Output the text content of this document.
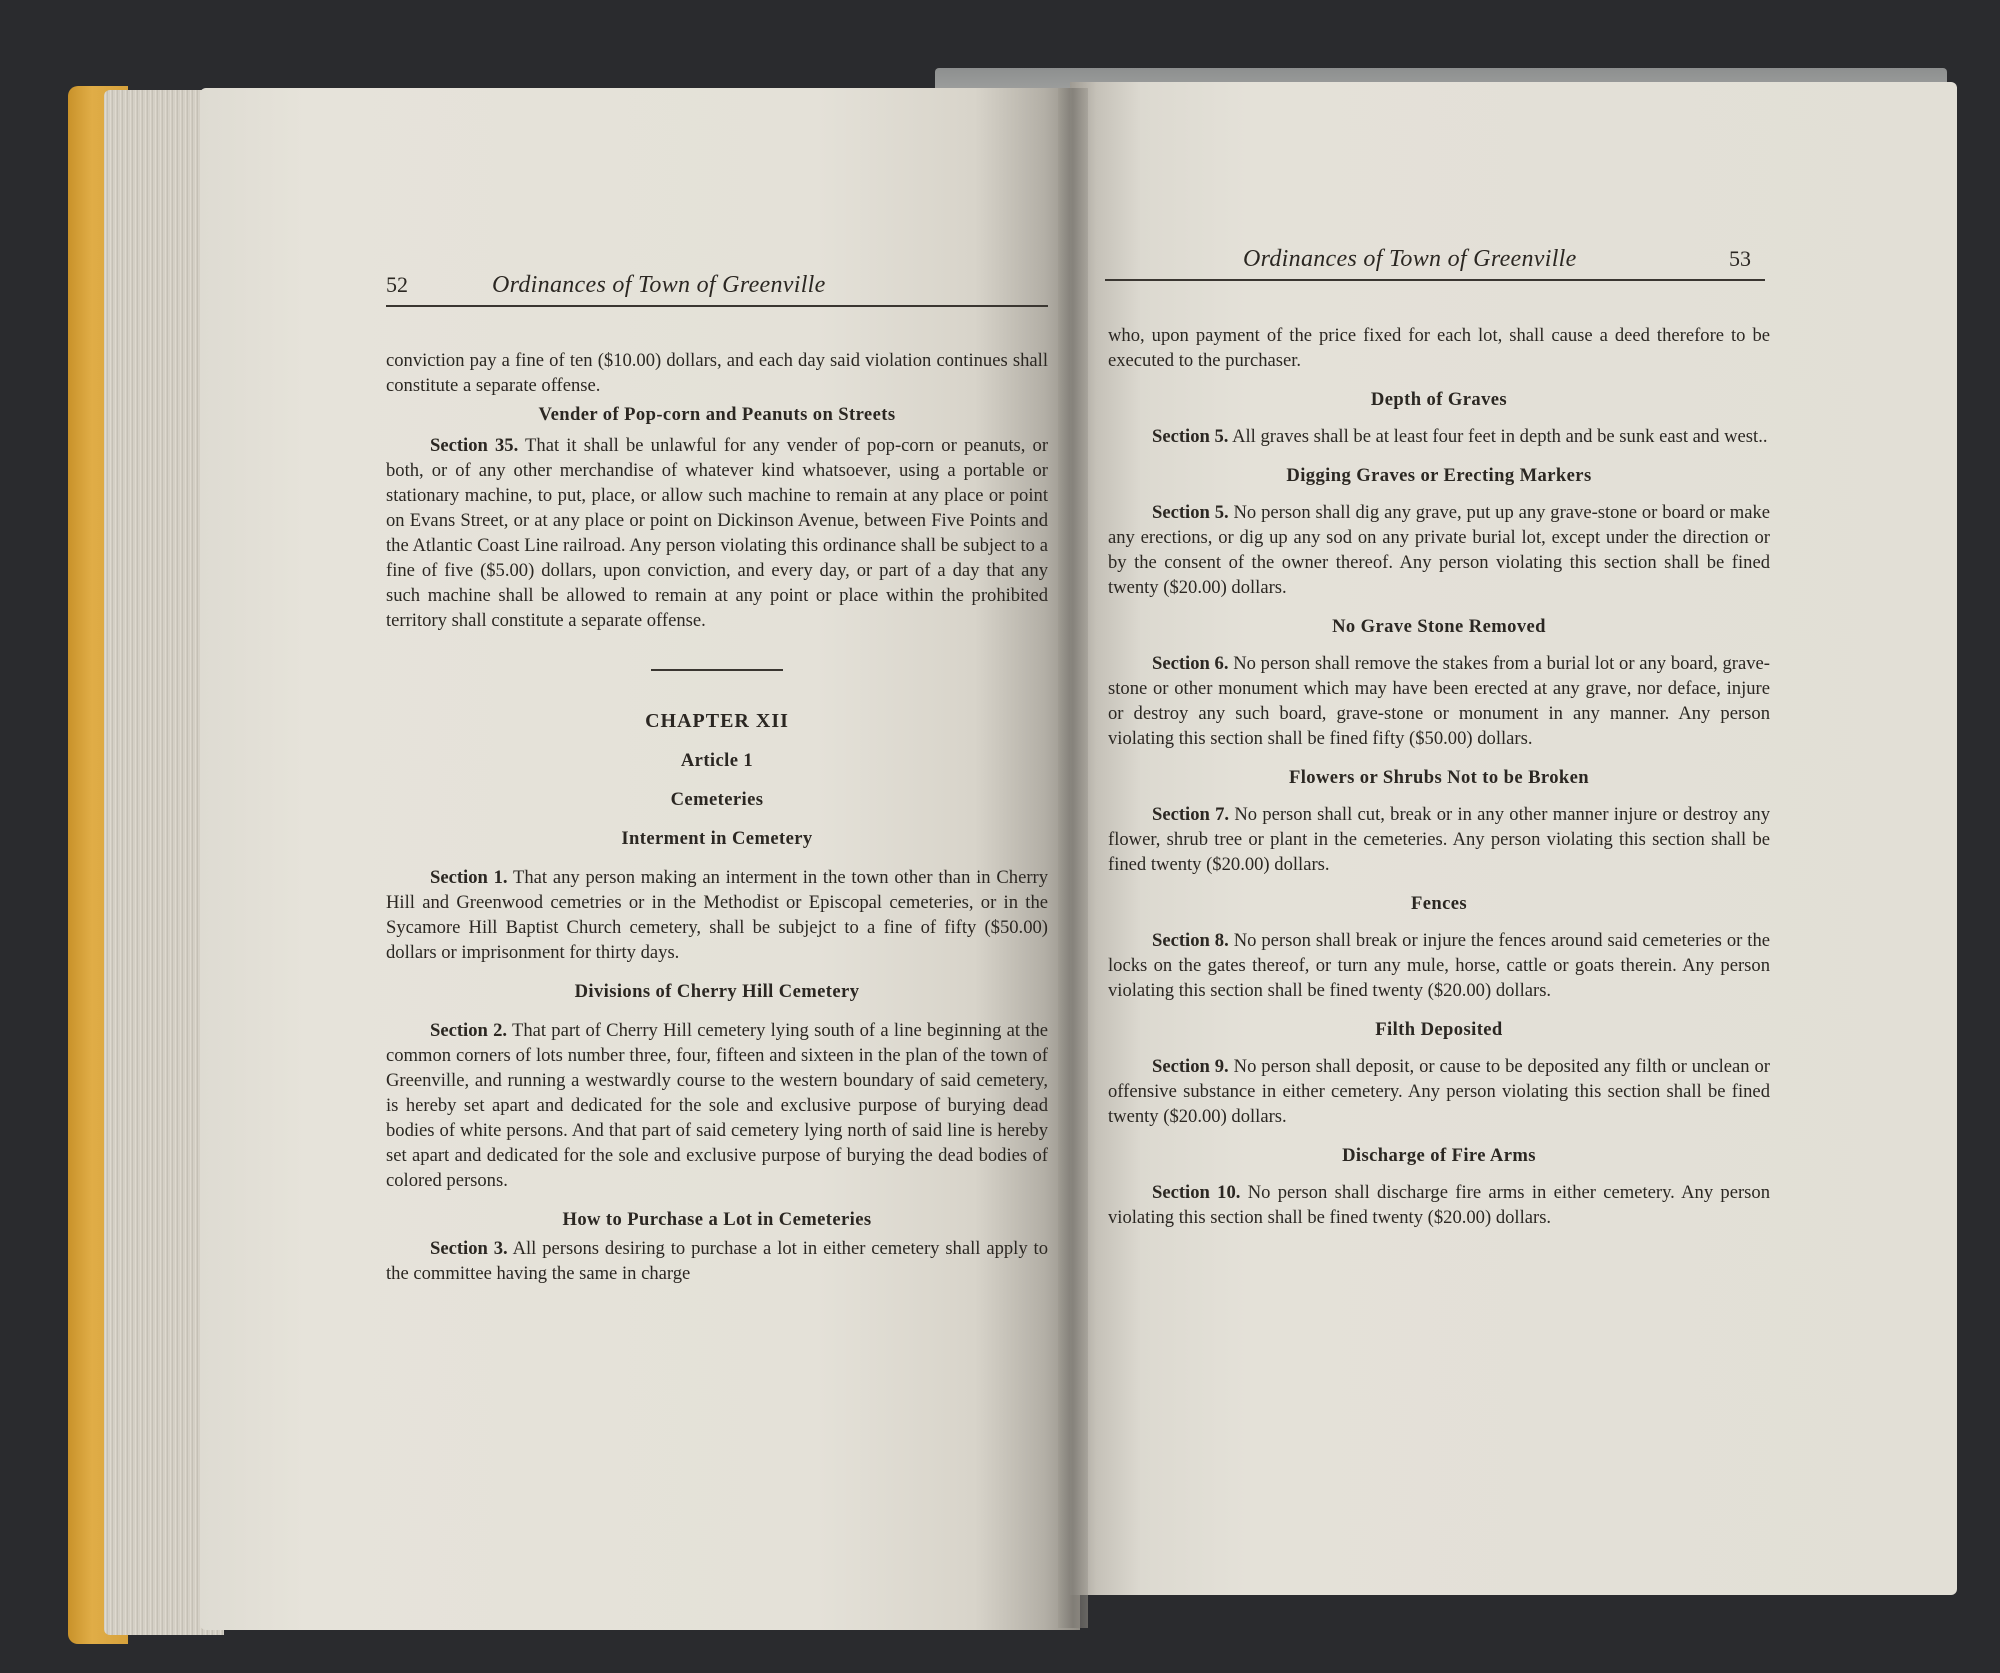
52	Ordinances of Town of Greenville

conviction pay a fine of ten ($10.00) dollars, and each day said violation continues shall constitute a separate offense.

Vender of Pop-corn and Peanuts on Streets

Section 35. That it shall be unlawful for any vender of pop-corn or peanuts, or both, or of any other merchandise of whatever kind whatsoever, using a portable or stationary machine, to put, place, or allow such machine to remain at any place or point on Evans Street, or at any place or point on Dickinson Avenue, between Five Points and the Atlantic Coast Line railroad. Any person violating this ordinance shall be subject to a fine of five ($5.00) dollars, upon conviction, and every day, or part of a day that any such machine shall be allowed to remain at any point or place within the prohibited territory shall constitute a separate offense.

CHAPTER XII
Article 1
Cemeteries
Interment in Cemetery

Section 1. That any person making an interment in the town other than in Cherry Hill and Greenwood cemetries or in the Methodist or Episcopal cemeteries, or in the Sycamore Hill Baptist Church cemetery, shall be subjejct to a fine of fifty ($50.00) dollars or imprisonment for thirty days.

Divisions of Cherry Hill Cemetery

Section 2. That part of Cherry Hill cemetery lying south of a line beginning at the common corners of lots number three, four, fifteen and sixteen in the plan of the town of Greenville, and running a westwardly course to the western boundary of said cemetery, is hereby set apart and dedicated for the sole and exclusive purpose of burying dead bodies of white persons. And that part of said cemetery lying north of said line is hereby set apart and dedicated for the sole and exclusive purpose of burying the dead bodies of colored persons.

How to Purchase a Lot in Cemeteries

Section 3. All persons desiring to purchase a lot in either cemetery shall apply to the committee having the same in charge

Ordinances of Town of Greenville	53

who, upon payment of the price fixed for each lot, shall cause a deed therefore to be executed to the purchaser.

Depth of Graves

Section 5. All graves shall be at least four feet in depth and be sunk east and west..

Digging Graves or Erecting Markers

Section 5. No person shall dig any grave, put up any grave-stone or board or make any erections, or dig up any sod on any private burial lot, except under the direction or by the consent of the owner thereof. Any person violating this section shall be fined twenty ($20.00) dollars.

No Grave Stone Removed

Section 6. No person shall remove the stakes from a burial lot or any board, grave-stone or other monument which may have been erected at any grave, nor deface, injure or destroy any such board, grave-stone or monument in any manner. Any person violating this section shall be fined fifty ($50.00) dollars.

Flowers or Shrubs Not to be Broken

Section 7. No person shall cut, break or in any other manner injure or destroy any flower, shrub tree or plant in the cemeteries. Any person violating this section shall be fined twenty ($20.00) dollars.

Fences

Section 8. No person shall break or injure the fences around said cemeteries or the locks on the gates thereof, or turn any mule, horse, cattle or goats therein. Any person violating this section shall be fined twenty ($20.00) dollars.

Filth Deposited

Section 9. No person shall deposit, or cause to be deposited any filth or unclean or offensive substance in either cemetery. Any person violating this section shall be fined twenty ($20.00) dollars.

Discharge of Fire Arms

Section 10. No person shall discharge fire arms in either cemetery. Any person violating this section shall be fined twenty ($20.00) dollars.
